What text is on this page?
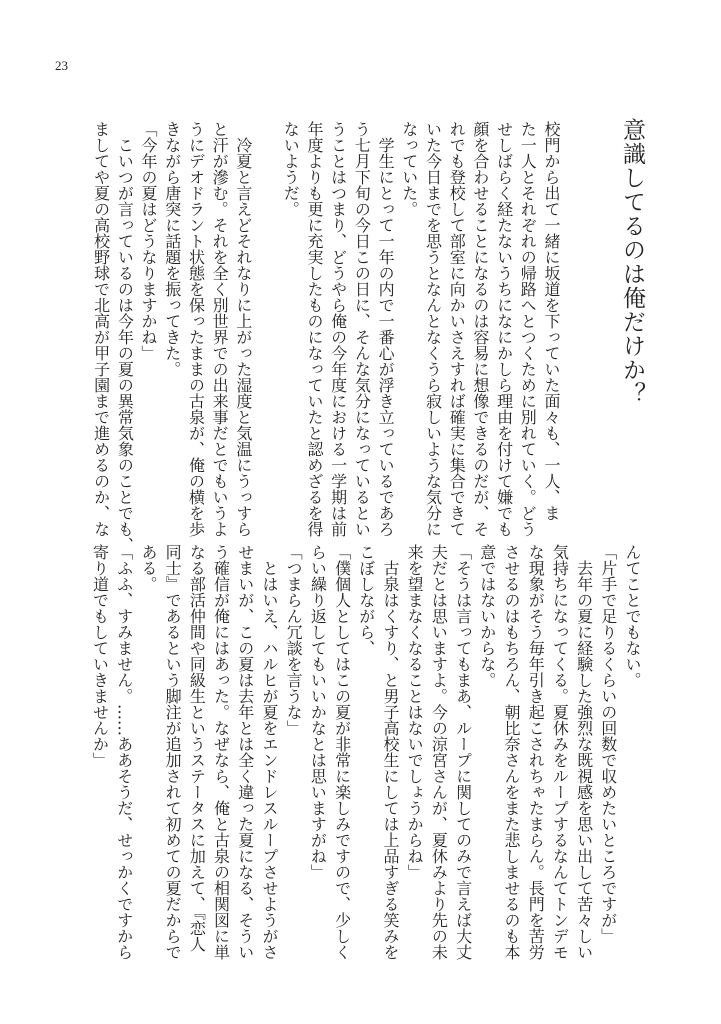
23
意識してるのは俺だけか？
校門から出て一緒に坂道を下っていた面々も、一人、ま
た一人とそれぞれの帰路へとつくために別れていく。どう
せしばらく経たないうちになにかしら理由を付けて嫌でも
顔を合わせることになるのは容易に想像できるのだが、そ
れでも登校して部室に向かいさえすれば確実に集合できて
いた今日までを思うとなんとなくうら寂しいような気分に
なっていた。
　学生にとって一年の内で一番心が浮き立っているであろ
う七月下旬の今日この日に、そんな気分になっているとい
うことはつまり、どうやら俺の今年度における一学期は前
年度よりも更に充実したものになっていたと認めざるを得
ないようだ。

　冷夏と言えどそれなりに上がった湿度と気温にうっすら
と汗が滲む。それを全く別世界での出来事だとでもいうよ
うにデオドラント状態を保ったままの古泉が、俺の横を歩
きながら唐突に話題を振ってきた。
「今年の夏はどうなりますかね」
　こいつが言っているのは今年の夏の異常気象のことでも、
ましてや夏の高校野球で北高が甲子園まで進めるのか、な
んてことでもない。
「片手で足りるくらいの回数で収めたいところですが」
　去年の夏に経験した強烈な既視感を思い出して苦々しい
気持ちになってくる。夏休みをループするなんてトンデモ
な現象がそう毎年引き起こされちゃたまらん。長門を苦労
させるのはもちろん、朝比奈さんをまた悲しませるのも本
意ではないからな。
「そうは言ってもまあ、ループに関してのみで言えば大丈
夫だとは思いますよ。今の涼宮さんが、夏休みより先の未
来を望まなくなることはないでしょうからね」
　古泉はくすり、と男子高校生にしては上品すぎる笑みを
こぼしながら、
「僕個人としてはこの夏が非常に楽しみですので、少しく
らい繰り返してもいいかなとは思いますがね」
「つまらん冗談を言うな」
　とはいえ、ハルヒが夏をエンドレスループさせようがさ
せまいが、この夏は去年とは全く違った夏になる、そうい
う確信が俺にはあった。なぜなら、俺と古泉の相関図に単
なる部活仲間や同級生というステータスに加えて、『恋人
同士』であるという脚注が追加されて初めての夏だからで
ある。
「ふふ、すみません。……ああそうだ、せっかくですから
寄り道でもしていきませんか」
